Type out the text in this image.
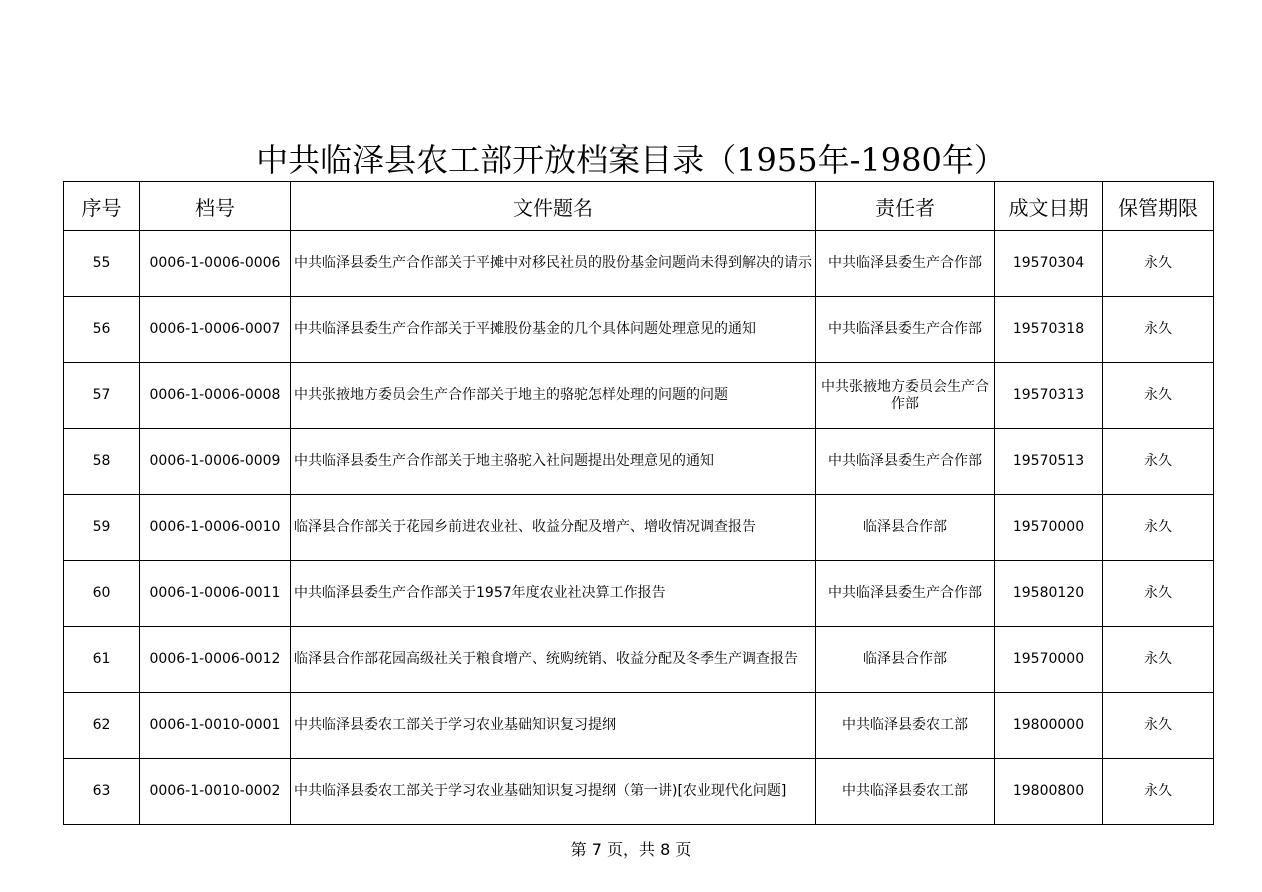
中共临泽县农工部开放档案目录（1955年-1980年）
序号	档号	文件题名	责任者	成文日期	保管期限
55	0006-1-0006-0006	中共临泽县委生产合作部关于平摊中对移民社员的股份基金问题尚未得到解决的请示	中共临泽县委生产合作部	19570304	永久
56	0006-1-0006-0007	中共临泽县委生产合作部关于平摊股份基金的几个具体问题处理意见的通知	中共临泽县委生产合作部	19570318	永久
57	0006-1-0006-0008	中共张掖地方委员会生产合作部关于地主的骆驼怎样处理的问题的问题	中共张掖地方委员会生产合作部	19570313	永久
58	0006-1-0006-0009	中共临泽县委生产合作部关于地主骆驼入社问题提出处理意见的通知	中共临泽县委生产合作部	19570513	永久
59	0006-1-0006-0010	临泽县合作部关于花园乡前进农业社、收益分配及增产、增收情况调查报告	临泽县合作部	19570000	永久
60	0006-1-0006-0011	中共临泽县委生产合作部关于1957年度农业社决算工作报告	中共临泽县委生产合作部	19580120	永久
61	0006-1-0006-0012	临泽县合作部花园高级社关于粮食增产、统购统销、收益分配及冬季生产调查报告	临泽县合作部	19570000	永久
62	0006-1-0010-0001	中共临泽县委农工部关于学习农业基础知识复习提纲	中共临泽县委农工部	19800000	永久
63	0006-1-0010-0002	中共临泽县委农工部关于学习农业基础知识复习提纲（第一讲)[农业现代化问题]	中共临泽县委农工部	19800800	永久
第 7 页，共 8 页
